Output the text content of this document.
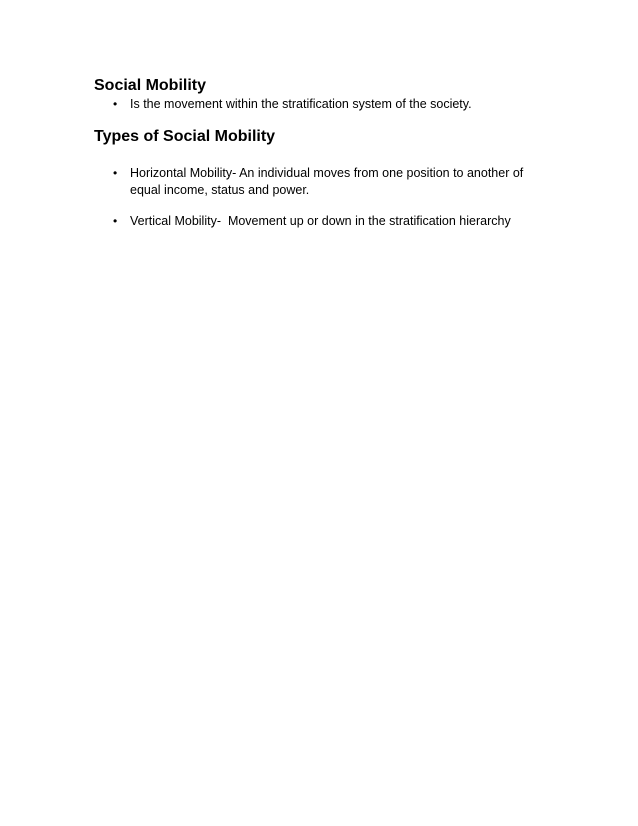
Social Mobility
• Is the movement within the stratification system of the society.
Types of Social Mobility
• Horizontal Mobility- An individual moves from one position to another of equal income, status and power.
• Vertical Mobility-  Movement up or down in the stratification hierarchy
